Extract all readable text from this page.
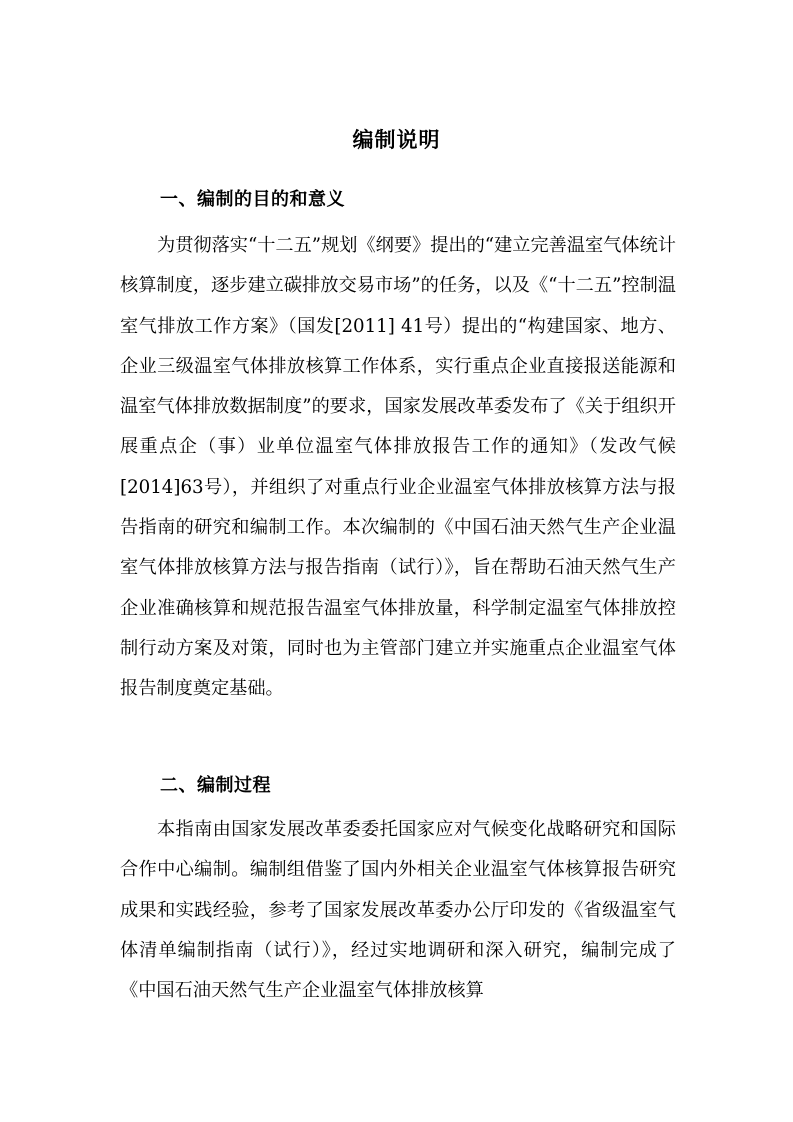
编制说明
一、编制的目的和意义

为贯彻落实“十二五”规划《纲要》提出的“建立完善温室气体统计核算制度，逐步建立碳排放交易市场”的任务，以及《“十二五”控制温室气排放工作方案》（国发[2011] 41号）提出的“构建国家、地方、企业三级温室气体排放核算工作体系，实行重点企业直接报送能源和温室气体排放数据制度”的要求，国家发展改革委发布了《关于组织开展重点企（事）业单位温室气体排放报告工作的通知》（发改气候[2014]63号），并组织了对重点行业企业温室气体排放核算方法与报告指南的研究和编制工作。本次编制的《中国石油天然气生产企业温室气体排放核算方法与报告指南（试行）》，旨在帮助石油天然气生产企业准确核算和规范报告温室气体排放量，科学制定温室气体排放控制行动方案及对策，同时也为主管部门建立并实施重点企业温室气体报告制度奠定基础。

二、编制过程

本指南由国家发展改革委委托国家应对气候变化战略研究和国际合作中心编制。编制组借鉴了国内外相关企业温室气体核算报告研究成果和实践经验，参考了国家发展改革委办公厅印发的《省级温室气体清单编制指南（试行）》，经过实地调研和深入研究，编制完成了《中国石油天然气生产企业温室气体排放核算
